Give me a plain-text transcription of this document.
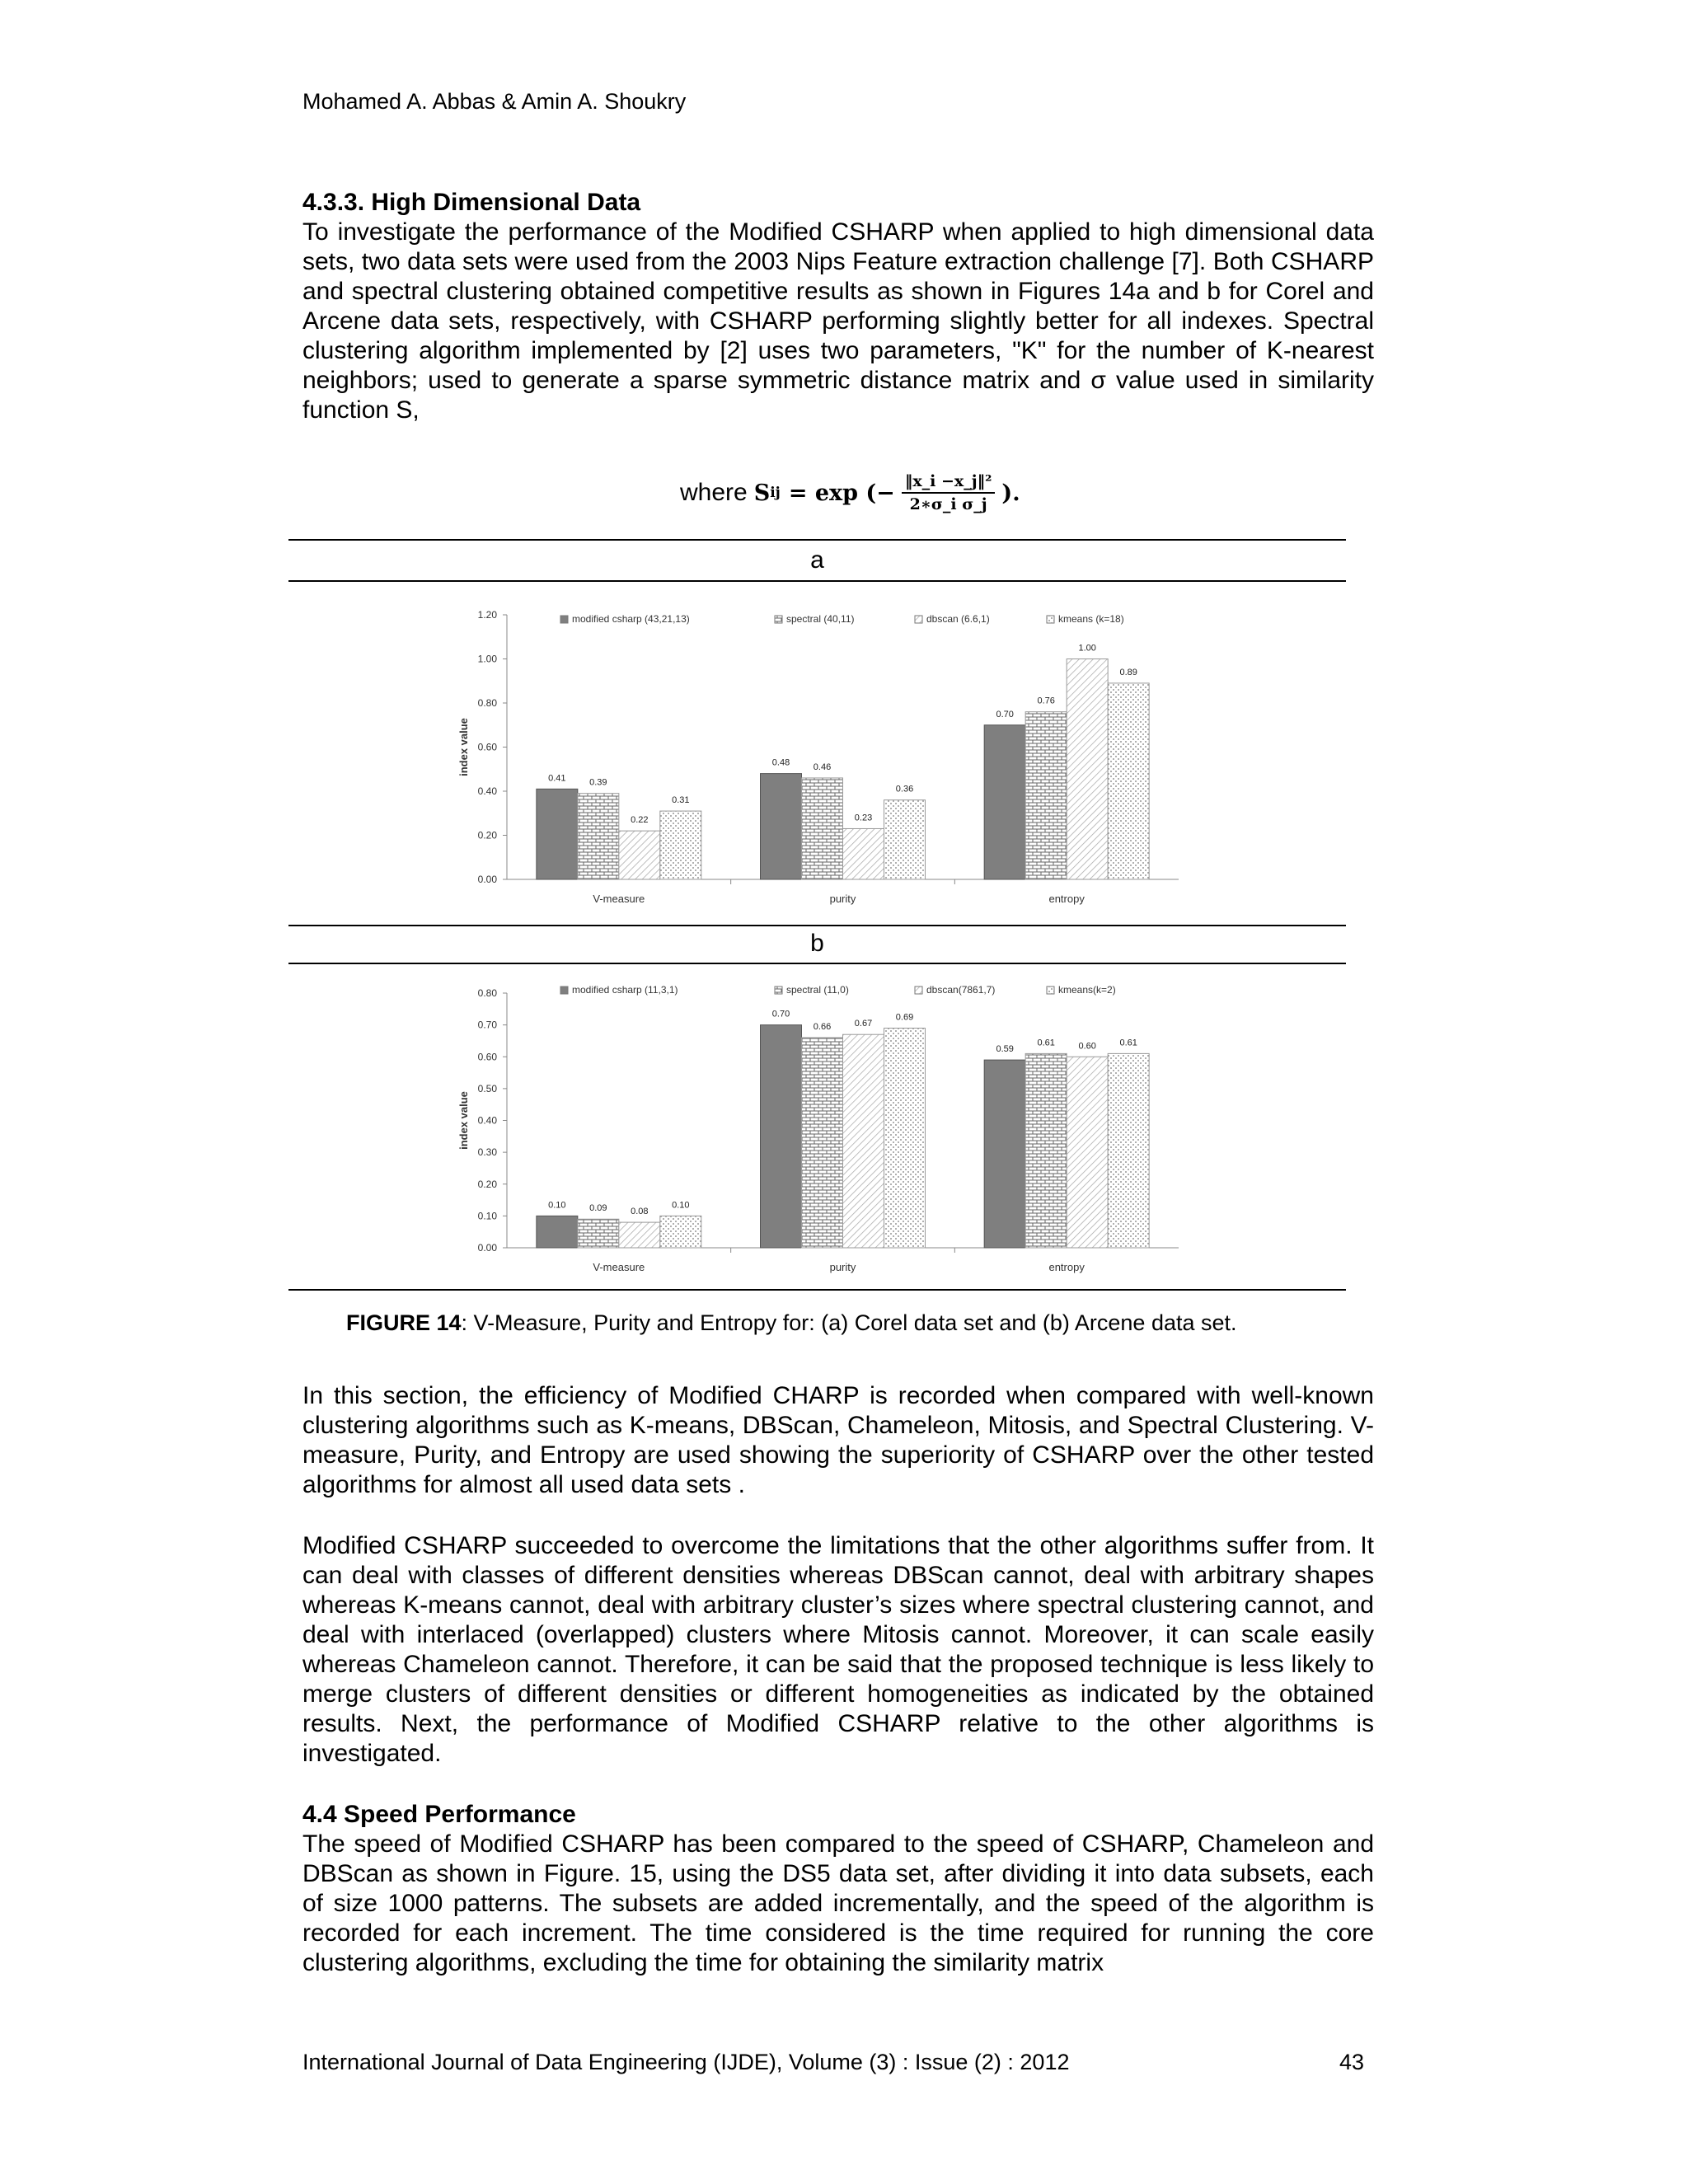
Mohamed A. Abbas & Amin A. Shoukry

4.3.3. High Dimensional Data

To investigate the performance of the Modified CSHARP when applied to high dimensional data sets, two data sets were used from the 2003 Nips Feature extraction challenge [7]. Both CSHARP and spectral clustering obtained competitive results as shown in Figures 14a and b for Corel and Arcene data sets, respectively, with CSHARP performing slightly better for all indexes. Spectral clustering algorithm implemented by [2] uses two parameters, "K" for the number of K-nearest neighbors; used to generate a sparse symmetric distance matrix and σ value used in similarity function S,

where S ij = exp (− $\frac{\text{‖x\_i −x\_j‖²}}{\text{2∗σ\_i σ\_j}}$ ).
a
0.00
0.20
0.40
0.60
0.80
1.00
1.20
index value
V-measure
0.41	0.39
0.22
0.31
purity
0.48	0.46
0.23
0.36
entropy
0.70
0.76
1.00
0.89
modified csharp (43,21,13)	spectral (40,11)	dbscan (6.6,1)	kmeans (k=18)
b
0.00
0.10
0.20
0.30
0.40
0.50
0.60
0.70
0.80
index value
V-measure
0.10	0.09	0.08
0.10
purity
0.70
0.66	0.67
0.69
entropy
0.59
0.61	0.60	0.61
modified csharp (11,3,1)	spectral (11,0)	dbscan(7861,7)	kmeans(k=2)
FIGURE 14: V-Measure, Purity and Entropy for: (a) Corel data set and (b) Arcene data set.

In this section, the efficiency of Modified CHARP is recorded when compared with well-known clustering algorithms such as K-means, DBScan, Chameleon, Mitosis, and Spectral Clustering. V-measure, Purity, and Entropy are used showing the superiority of CSHARP over the other tested algorithms for almost all used data sets .

Modified CSHARP succeeded to overcome the limitations that the other algorithms suffer from. It can deal with classes of different densities whereas DBScan cannot, deal with arbitrary shapes whereas K-means cannot, deal with arbitrary cluster’s sizes where spectral clustering cannot, and deal with interlaced (overlapped) clusters where Mitosis cannot. Moreover, it can scale easily whereas Chameleon cannot. Therefore, it can be said that the proposed technique is less likely to merge clusters of different densities or different homogeneities as indicated by the obtained results. Next, the performance of Modified CSHARP relative to the other algorithms is investigated.

4.4 Speed Performance

The speed of Modified CSHARP has been compared to the speed of CSHARP, Chameleon and DBScan as shown in Figure. 15, using the DS5 data set, after dividing it into data subsets, each of size 1000 patterns. The subsets are added incrementally, and the speed of the algorithm is recorded for each increment. The time considered is the time required for running the core clustering algorithms, excluding the time for obtaining the similarity matrix

International Journal of Data Engineering (IJDE), Volume (3) : Issue (2) : 2012	43
